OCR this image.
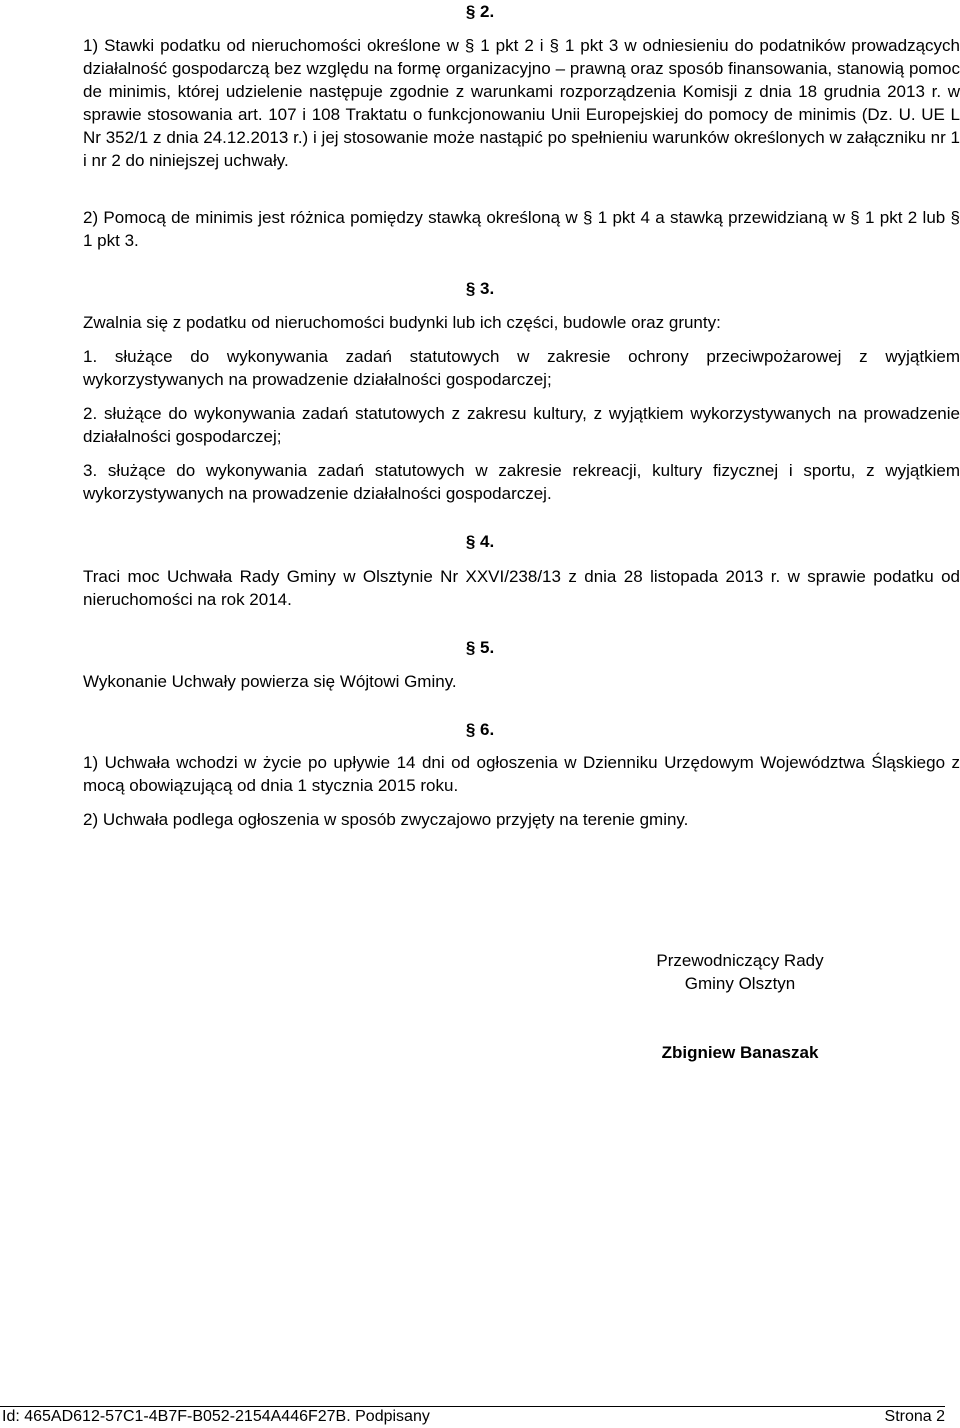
§ 2.
1) Stawki podatku od nieruchomości określone w § 1 pkt 2 i § 1 pkt 3 w odniesieniu do podatników prowadzących działalność gospodarczą bez względu na formę organizacyjno – prawną oraz sposób finansowania, stanowią pomoc de minimis, której udzielenie następuje zgodnie z warunkami rozporządzenia Komisji z dnia 18 grudnia 2013 r. w sprawie stosowania art. 107 i 108 Traktatu o funkcjonowaniu Unii Europejskiej do pomocy de minimis (Dz. U. UE L Nr 352/1 z dnia 24.12.2013 r.) i jej stosowanie może nastąpić po spełnieniu warunków określonych w załączniku nr 1 i nr 2 do niniejszej uchwały.
2) Pomocą de minimis jest różnica pomiędzy stawką określoną w § 1 pkt 4 a stawką przewidzianą w § 1 pkt 2 lub § 1 pkt 3.
§ 3.
Zwalnia się z podatku od nieruchomości budynki lub ich części, budowle oraz grunty:
1. służące do wykonywania zadań statutowych w zakresie ochrony przeciwpożarowej z wyjątkiem wykorzystywanych na prowadzenie działalności gospodarczej;
2. służące do wykonywania zadań statutowych z zakresu kultury, z wyjątkiem wykorzystywanych na prowadzenie działalności gospodarczej;
3. służące do wykonywania zadań statutowych w zakresie rekreacji, kultury fizycznej i sportu, z wyjątkiem wykorzystywanych na prowadzenie działalności gospodarczej.
§ 4.
Traci moc Uchwała Rady Gminy w Olsztynie Nr XXVI/238/13 z dnia 28 listopada 2013 r. w sprawie podatku od nieruchomości na rok 2014.
§ 5.
Wykonanie Uchwały powierza się Wójtowi Gminy.
§ 6.
1) Uchwała wchodzi w życie po upływie 14 dni od ogłoszenia w Dzienniku Urzędowym Województwa Śląskiego z mocą obowiązującą od dnia 1 stycznia 2015 roku.
2) Uchwała podlega ogłoszenia w sposób zwyczajowo przyjęty na terenie gminy.
Przewodniczący Rady
Gminy Olsztyn
Zbigniew Banaszak
Id: 465AD612-57C1-4B7F-B052-2154A446F27B. Podpisany	Strona 2
